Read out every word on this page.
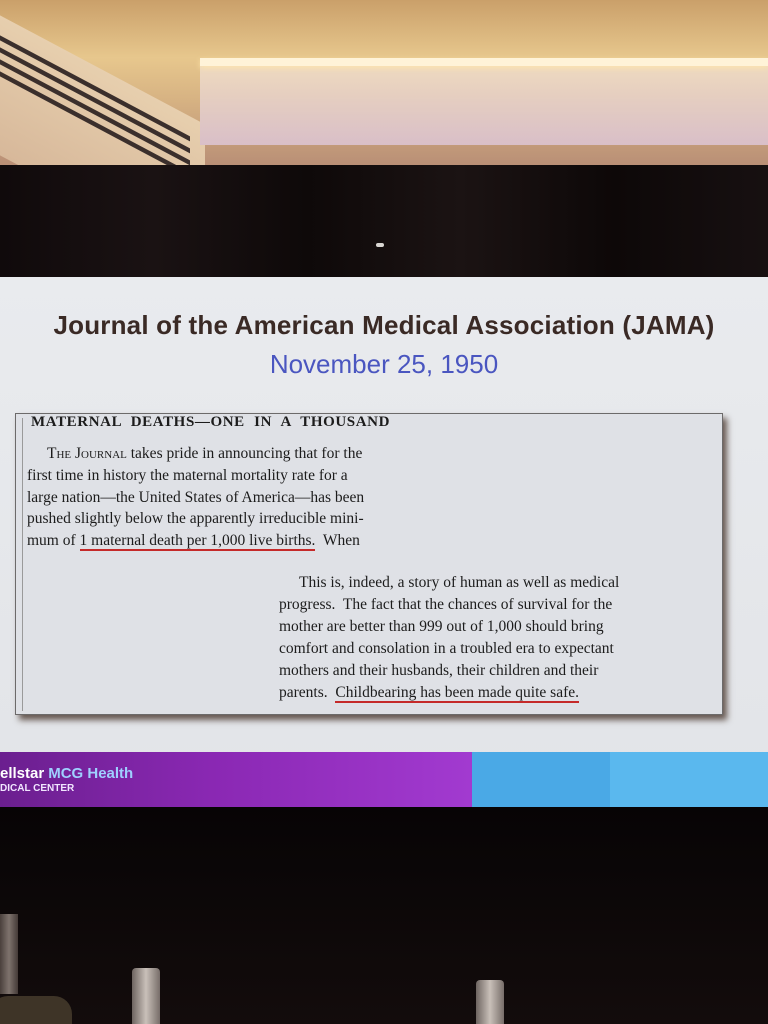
Journal of the American Medical Association (JAMA)
November 25, 1950
MATERNAL DEATHS—ONE IN A THOUSAND
The Journal takes pride in announcing that for the
first time in history the maternal mortality rate for a
large nation—the United States of America—has been
pushed slightly below the apparently irreducible mini-
mum of 1 maternal death per 1,000 live births.  When
This is, indeed, a story of human as well as medical
progress.  The fact that the chances of survival for the
mother are better than 999 out of 1,000 should bring
comfort and consolation in a troubled era to expectant
mothers and their husbands, their children and their
parents.  Childbearing has been made quite safe.
ellstar MCG Health
DICAL CENTER
